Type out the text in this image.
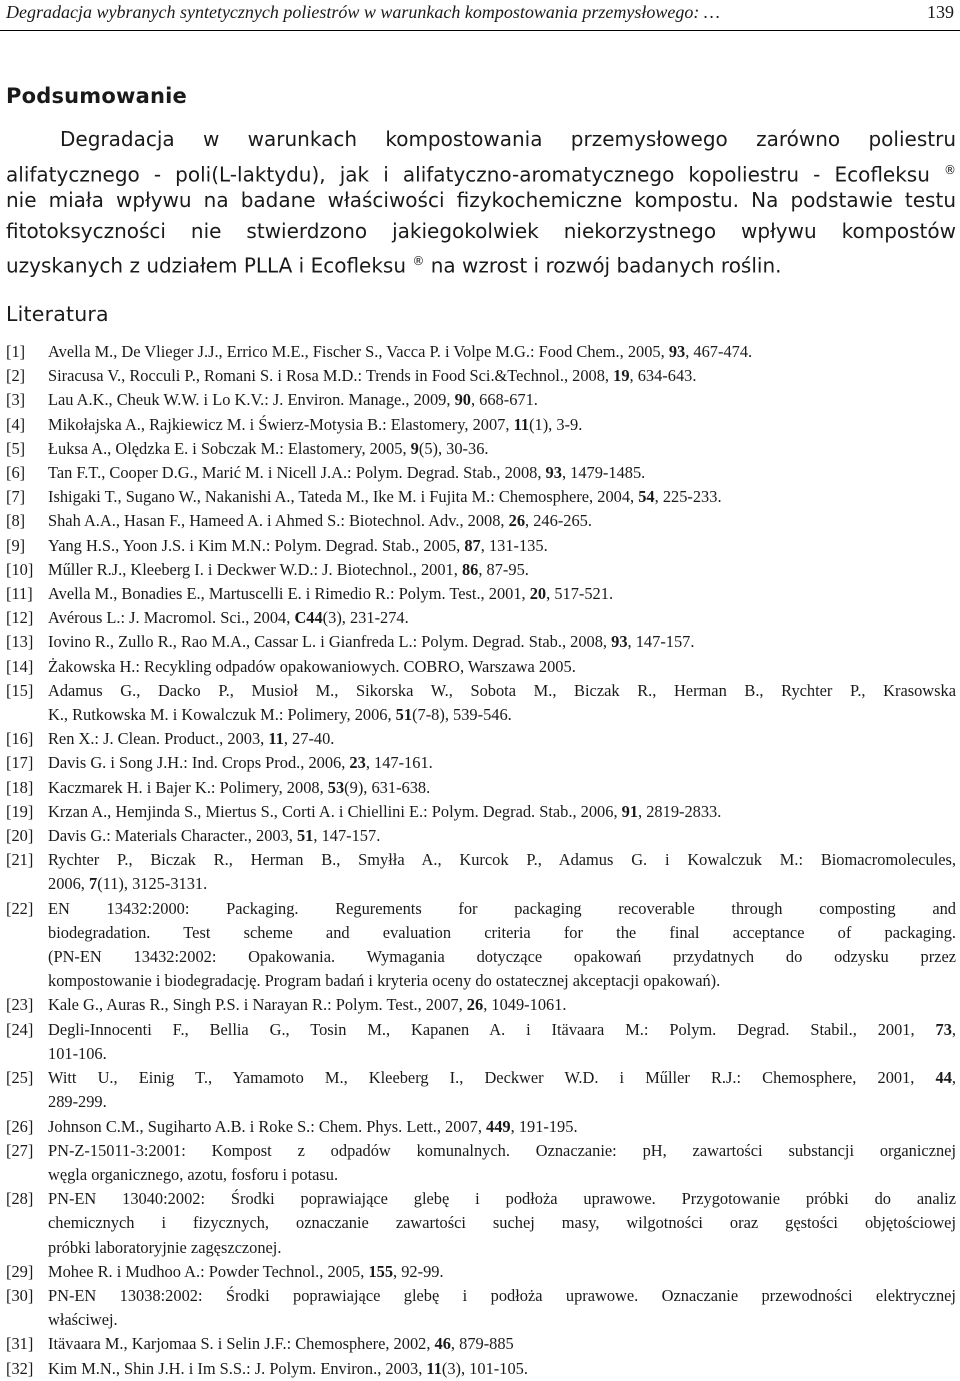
Degradacja wybranych syntetycznych poliestrów w warunkach kompostowania przemysłowego: …	139
Podsumowanie
Degradacja w warunkach kompostowania przemysłowego zarówno poliestru
alifatycznego - poli(L-laktydu), jak i alifatyczno-aromatycznego kopoliestru - Ecofleksu ®
nie miała wpływu na badane właściwości fizykochemiczne kompostu. Na podstawie testu
fitotoksyczności nie stwierdzono jakiegokolwiek niekorzystnego wpływu kompostów
uzyskanych z udziałem PLLA i Ecofleksu ® na wzrost i rozwój badanych roślin.
Literatura
[1] Avella M., De Vlieger J.J., Errico M.E., Fischer S., Vacca P. i Volpe M.G.: Food Chem., 2005, 93, 467-474.
[2] Siracusa V., Rocculi P., Romani S. i Rosa M.D.: Trends in Food Sci.&Technol., 2008, 19, 634-643.
[3] Lau A.K., Cheuk W.W. i Lo K.V.: J. Environ. Manage., 2009, 90, 668-671.
[4] Mikołajska A., Rajkiewicz M. i Świerz-Motysia B.: Elastomery, 2007, 11(1), 3-9.
[5] Łuksa A., Olędzka E. i Sobczak M.: Elastomery, 2005, 9(5), 30-36.
[6] Tan F.T., Cooper D.G., Marić M. i Nicell J.A.: Polym. Degrad. Stab., 2008, 93, 1479-1485.
[7] Ishigaki T., Sugano W., Nakanishi A., Tateda M., Ike M. i Fujita M.: Chemosphere, 2004, 54, 225-233.
[8] Shah A.A., Hasan F., Hameed A. i Ahmed S.: Biotechnol. Adv., 2008, 26, 246-265.
[9] Yang H.S., Yoon J.S. i Kim M.N.: Polym. Degrad. Stab., 2005, 87, 131-135.
[10] Műller R.J., Kleeberg I. i Deckwer W.D.: J. Biotechnol., 2001, 86, 87-95.
[11] Avella M., Bonadies E., Martuscelli E. i Rimedio R.: Polym. Test., 2001, 20, 517-521.
[12] Avérous L.: J. Macromol. Sci., 2004, C44(3), 231-274.
[13] Iovino R., Zullo R., Rao M.A., Cassar L. i Gianfreda L.: Polym. Degrad. Stab., 2008, 93, 147-157.
[14] Żakowska H.: Recykling odpadów opakowaniowych. COBRO, Warszawa 2005.
[15] Adamus G., Dacko P., Musioł M., Sikorska W., Sobota M., Biczak R., Herman B., Rychter P., Krasowska
K., Rutkowska M. i Kowalczuk M.: Polimery, 2006, 51(7-8), 539-546.
[16] Ren X.: J. Clean. Product., 2003, 11, 27-40.
[17] Davis G. i Song J.H.: Ind. Crops Prod., 2006, 23, 147-161.
[18] Kaczmarek H. i Bajer K.: Polimery, 2008, 53(9), 631-638.
[19] Krzan A., Hemjinda S., Miertus S., Corti A. i Chiellini E.: Polym. Degrad. Stab., 2006, 91, 2819-2833.
[20] Davis G.: Materials Character., 2003, 51, 147-157.
[21] Rychter P., Biczak R., Herman B., Smyłła A., Kurcok P., Adamus G. i Kowalczuk M.: Biomacromolecules,
2006, 7(11), 3125-3131.
[22] EN 13432:2000: Packaging. Regurements for packaging recoverable through composting and
biodegradation. Test scheme and evaluation criteria for the final acceptance of packaging.
(PN-EN 13432:2002: Opakowania. Wymagania dotyczące opakowań przydatnych do odzysku przez
kompostowanie i biodegradację. Program badań i kryteria oceny do ostatecznej akceptacji opakowań).
[23] Kale G., Auras R., Singh P.S. i Narayan R.: Polym. Test., 2007, 26, 1049-1061.
[24] Degli-Innocenti F., Bellia G., Tosin M., Kapanen A. i Itävaara M.: Polym. Degrad. Stabil., 2001, 73,
101-106.
[25] Witt U., Einig T., Yamamoto M., Kleeberg I., Deckwer W.D. i Műller R.J.: Chemosphere, 2001, 44,
289-299.
[26] Johnson C.M., Sugiharto A.B. i Roke S.: Chem. Phys. Lett., 2007, 449, 191-195.
[27] PN-Z-15011-3:2001: Kompost z odpadów komunalnych. Oznaczanie: pH, zawartości substancji organicznej
węgla organicznego, azotu, fosforu i potasu.
[28] PN-EN 13040:2002: Środki poprawiające glebę i podłoża uprawowe. Przygotowanie próbki do analiz
chemicznych i fizycznych, oznaczanie zawartości suchej masy, wilgotności oraz gęstości objętościowej
próbki laboratoryjnie zagęszczonej.
[29] Mohee R. i Mudhoo A.: Powder Technol., 2005, 155, 92-99.
[30] PN-EN 13038:2002: Środki poprawiające glebę i podłoża uprawowe. Oznaczanie przewodności elektrycznej
właściwej.
[31] Itävaara M., Karjomaa S. i Selin J.F.: Chemosphere, 2002, 46, 879-885
[32] Kim M.N., Shin J.H. i Im S.S.: J. Polym. Environ., 2003, 11(3), 101-105.
